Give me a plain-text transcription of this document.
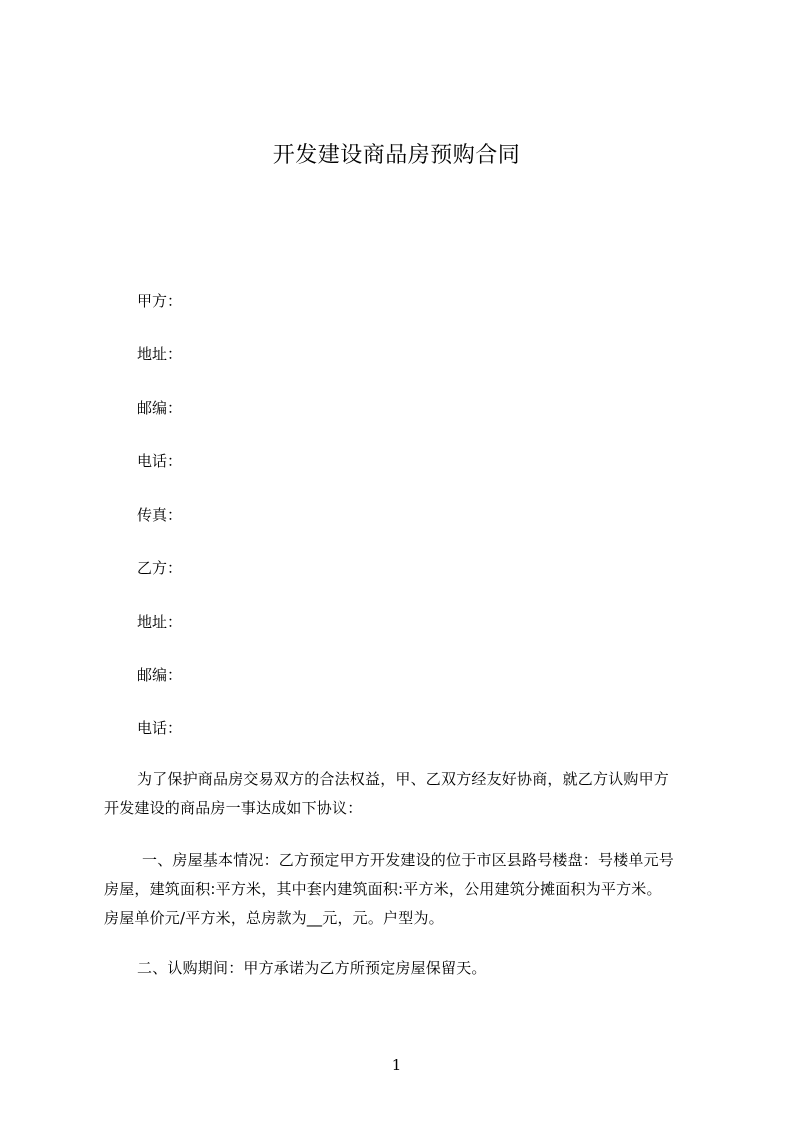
开发建设商品房预购合同
甲方：
地址：
邮编：
电话：
传真：
乙方：
地址：
邮编：
电话：
为了保护商品房交易双方的合法权益，甲、乙双方经友好协商，就乙方认购甲方
开发建设的商品房一事达成如下协议：
一、房屋基本情况：乙方预定甲方开发建设的位于市区县路号楼盘：号楼单元号
房屋，建筑面积:平方米，其中套内建筑面积:平方米，公用建筑分摊面积为平方米。
房屋单价元/平方米，总房款为__元，元。户型为。
二、认购期间：甲方承诺为乙方所预定房屋保留天。
1
